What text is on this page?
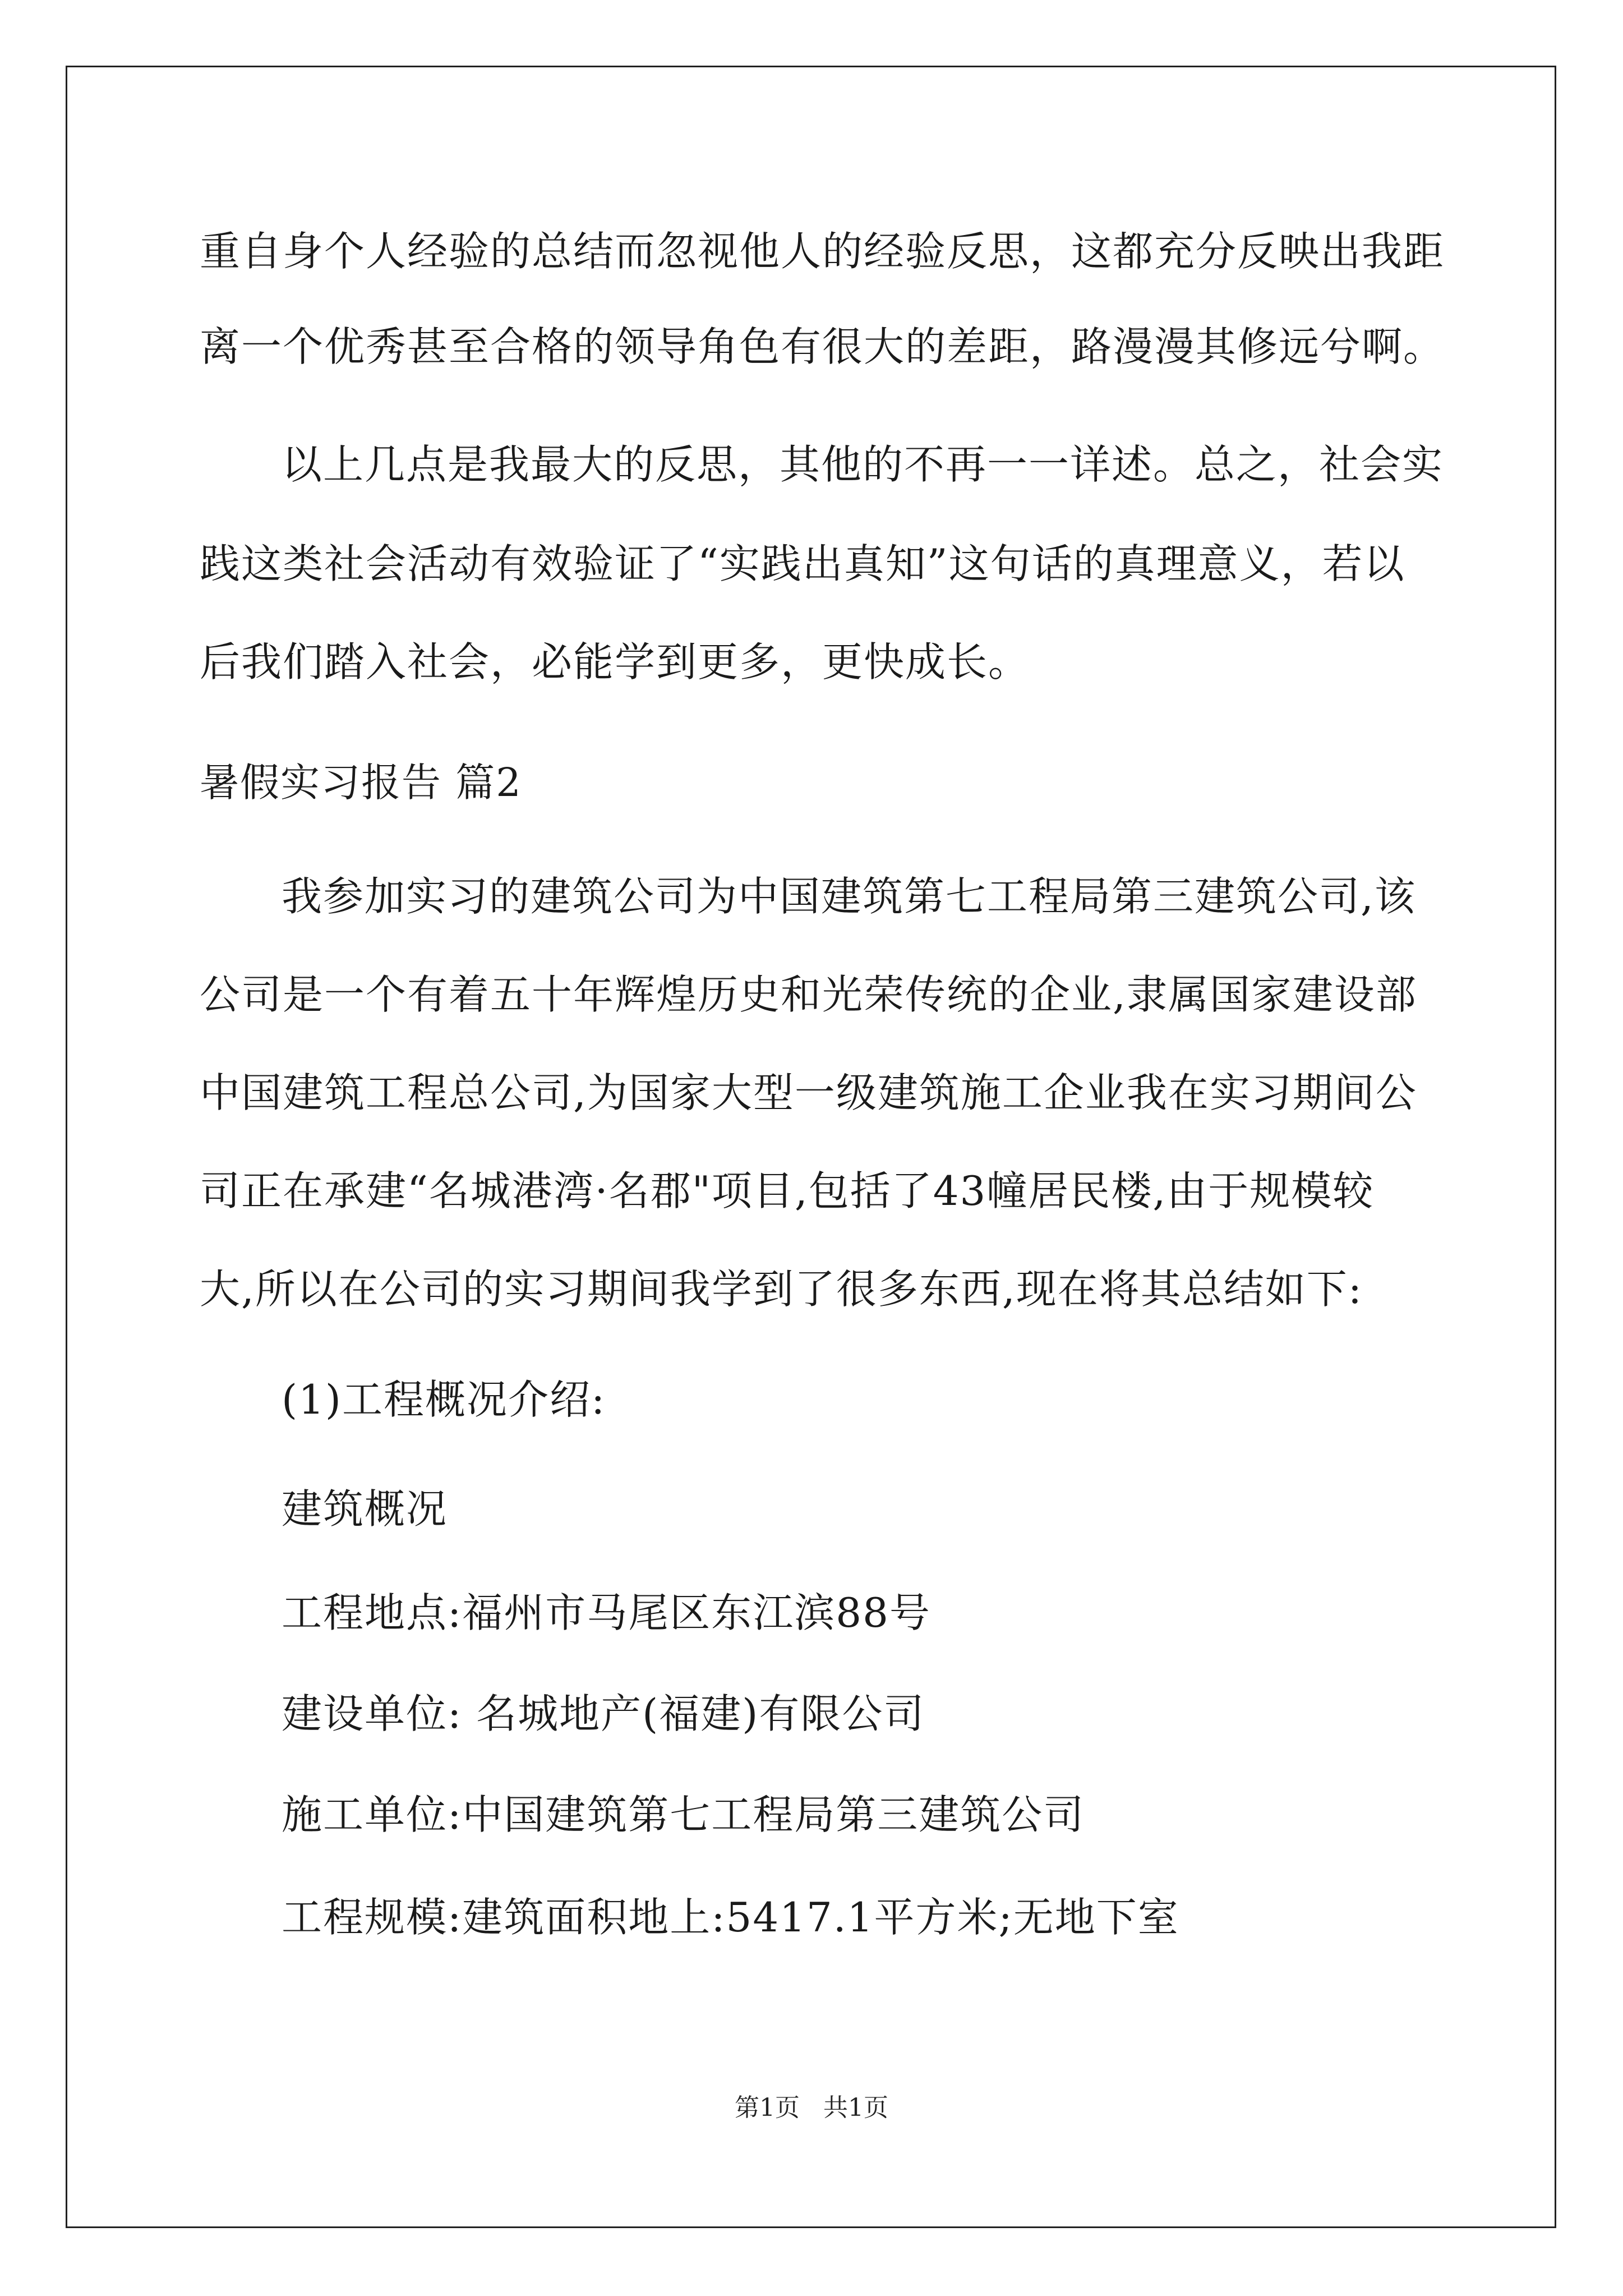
重自身个人经验的总结而忽视他人的经验反思，这都充分反映出我距
离一个优秀甚至合格的领导角色有很大的差距，路漫漫其修远兮啊。
以上几点是我最大的反思，其他的不再一一详述。总之，社会实
践这类社会活动有效验证了“实践出真知”这句话的真理意义，若以
后我们踏入社会，必能学到更多，更快成长。
暑假实习报告 篇2
我参加实习的建筑公司为中国建筑第七工程局第三建筑公司,该
公司是一个有着五十年辉煌历史和光荣传统的企业,隶属国家建设部
中国建筑工程总公司,为国家大型一级建筑施工企业我在实习期间公
司正在承建“名城港湾·名郡"项目,包括了43幢居民楼,由于规模较
大,所以在公司的实习期间我学到了很多东西,现在将其总结如下:
(1)工程概况介绍:
建筑概况
工程地点:福州市马尾区东江滨88号
建设单位: 名城地产(福建)有限公司
施工单位:中国建筑第七工程局第三建筑公司
工程规模:建筑面积地上:5417.1平方米;无地下室
第1页 共1页
